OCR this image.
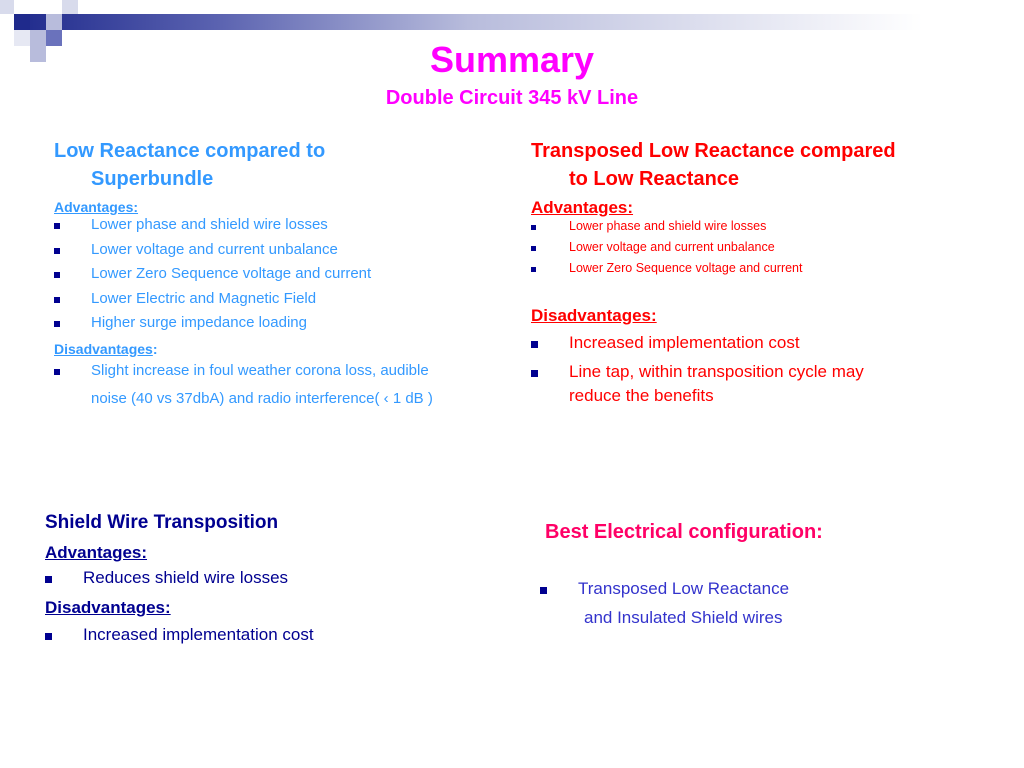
Summary
Double Circuit 345 kV Line

Low Reactance compared to
Superbundle

Advantages:

Lower phase and shield wire losses
Lower voltage and current unbalance
Lower Zero Sequence voltage and current
Lower Electric and Magnetic Field
Higher surge impedance loading

Disadvantages:

Slight increase in foul weather corona loss, audible
noise (40 vs 37dbA) and radio interference( ‹ 1 dB )

Transposed Low Reactance compared
to Low Reactance

Advantages:

Lower phase and shield wire losses
Lower voltage and current unbalance
Lower Zero Sequence voltage and current

Disadvantages:

Increased implementation cost
Line tap, within transposition cycle may
reduce the benefits

Shield Wire Transposition

Advantages:

Reduces shield wire losses

Disadvantages:

Increased implementation cost

Best Electrical configuration:

Transposed Low Reactance

and Insulated Shield wires
